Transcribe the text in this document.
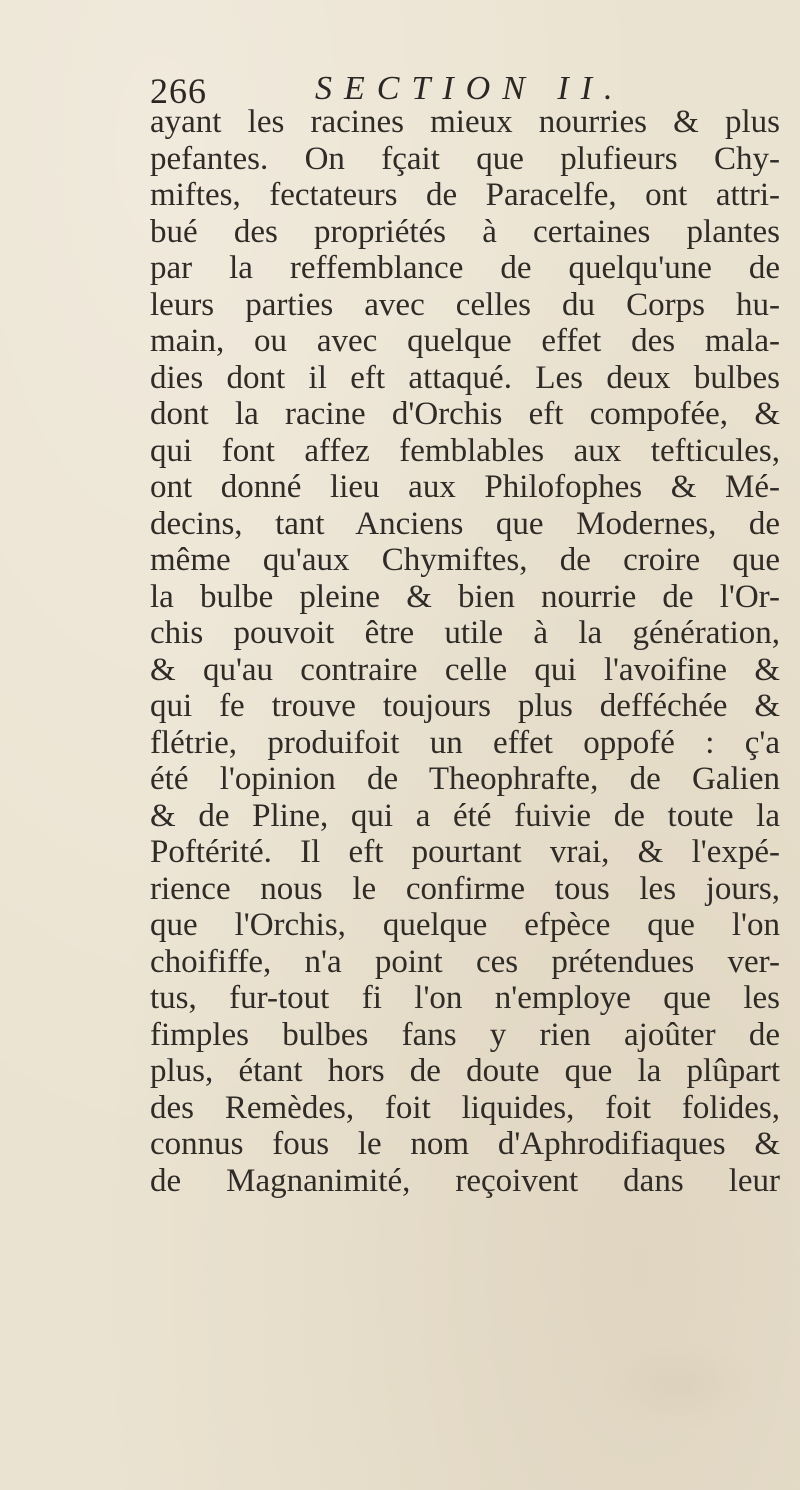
266	SECTION II.
ayant les racines mieux nourries & plus
pefantes. On fçait que plufieurs Chy-
miftes, fectateurs de Paracelfe, ont attri-
bué des propriétés à certaines plantes
par la reffemblance de quelqu'une de
leurs parties avec celles du Corps hu-
main, ou avec quelque effet des mala-
dies dont il eft attaqué. Les deux bulbes
dont la racine d'Orchis eft compofée, &
qui font affez femblables aux tefticules,
ont donné lieu aux Philofophes & Mé-
decins, tant Anciens que Modernes, de
même qu'aux Chymiftes, de croire que
la bulbe pleine & bien nourrie de l'Or-
chis pouvoit être utile à la génération,
& qu'au contraire celle qui l'avoifine &
qui fe trouve toujours plus defféchée &
flétrie, produifoit un effet oppofé : ç'a
été l'opinion de Theophrafte, de Galien
& de Pline, qui a été fuivie de toute la
Poftérité. Il eft pourtant vrai, & l'expé-
rience nous le confirme tous les jours,
que l'Orchis, quelque efpèce que l'on
choififfe, n'a point ces prétendues ver-
tus, fur-tout fi l'on n'employe que les
fimples bulbes fans y rien ajoûter de
plus, étant hors de doute que la plûpart
des Remèdes, foit liquides, foit folides,
connus fous le nom d'Aphrodifiaques &
de Magnanimité, reçoivent dans leur
